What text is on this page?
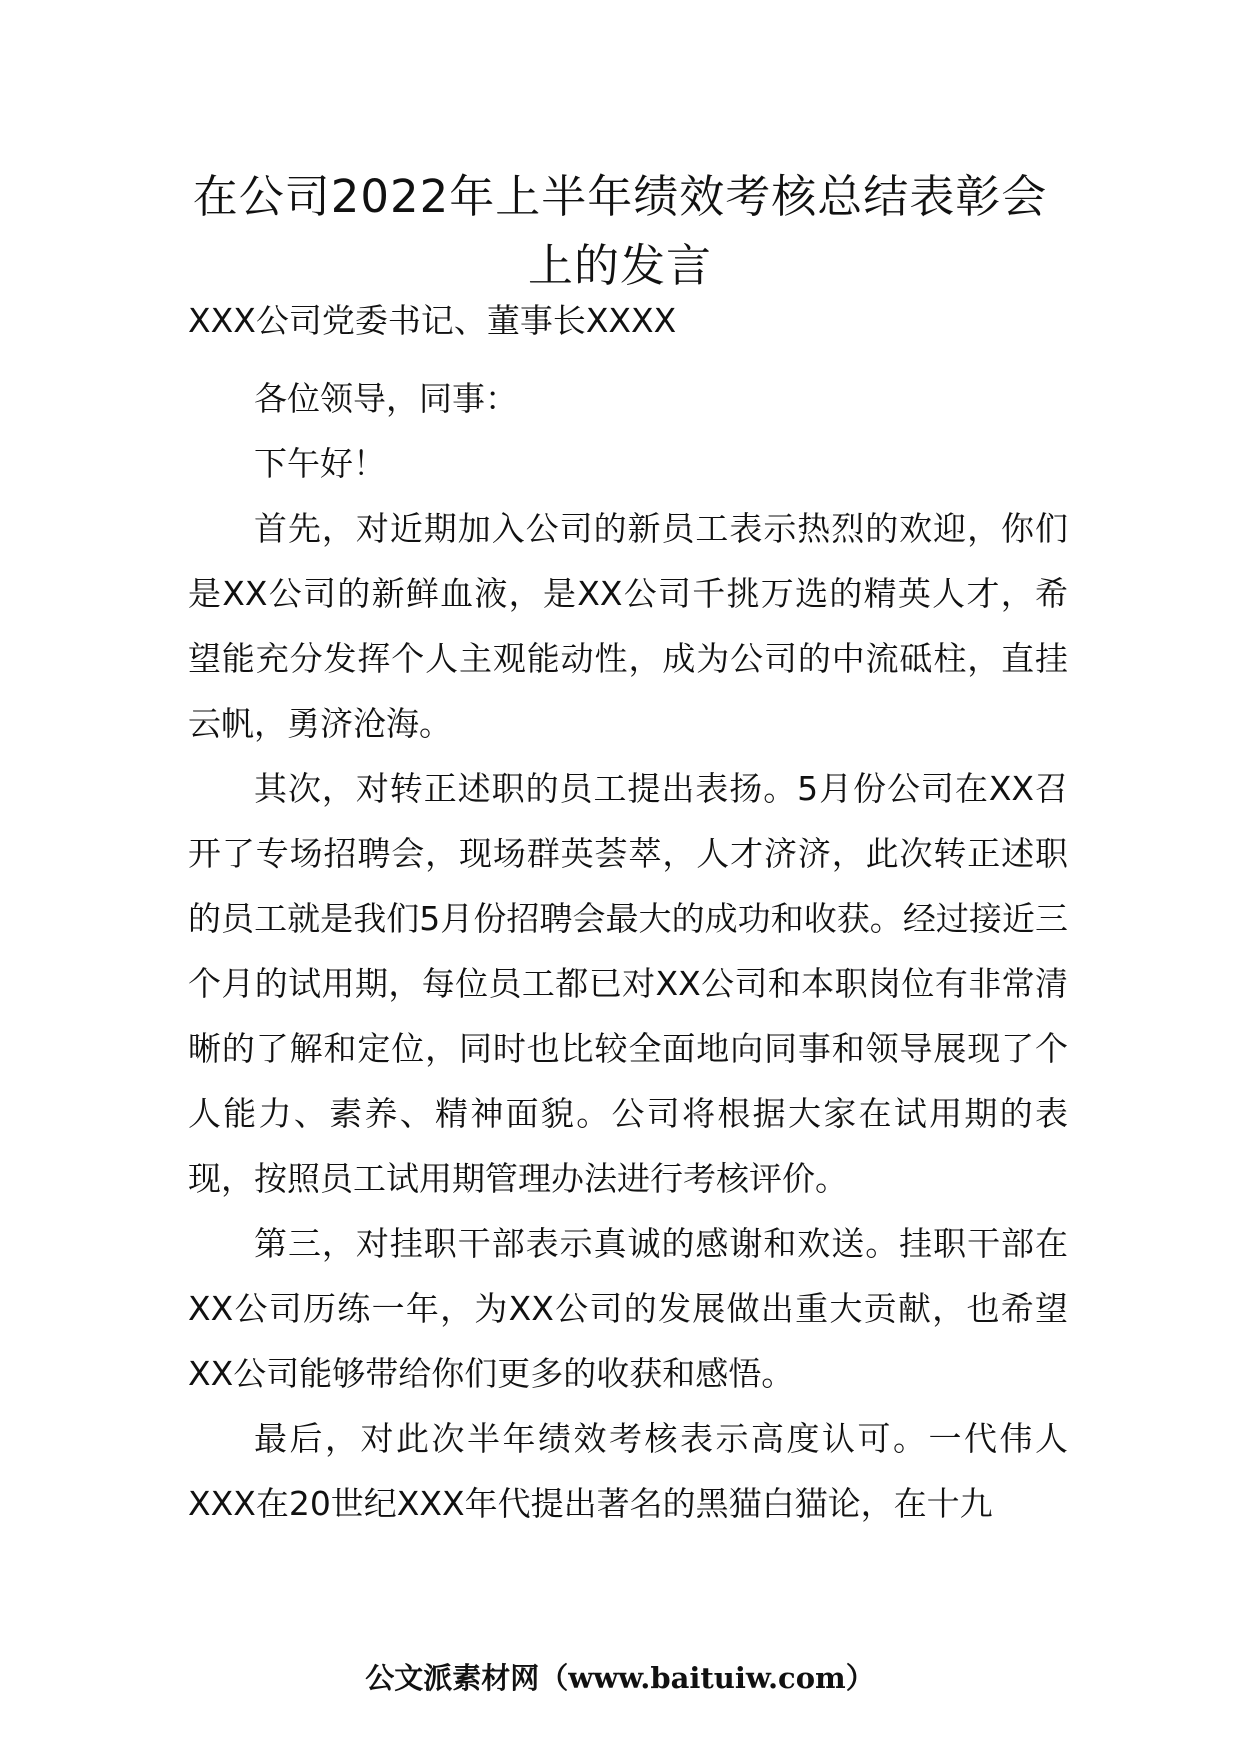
在公司2022年上半年绩效考核总结表彰会
上的发言
XXX公司党委书记、董事长XXXX

各位领导，同事：

下午好！

首先，对近期加入公司的新员工表示热烈的欢迎，你们是XX公司的新鲜血液，是XX公司千挑万选的精英人才，希望能充分发挥个人主观能动性，成为公司的中流砥柱，直挂云帆，勇济沧海。

其次，对转正述职的员工提出表扬。5月份公司在XX召开了专场招聘会，现场群英荟萃，人才济济，此次转正述职的员工就是我们5月份招聘会最大的成功和收获。经过接近三个月的试用期，每位员工都已对XX公司和本职岗位有非常清晰的了解和定位，同时也比较全面地向同事和领导展现了个人能力、素养、精神面貌。公司将根据大家在试用期的表现，按照员工试用期管理办法进行考核评价。

第三，对挂职干部表示真诚的感谢和欢送。挂职干部在XX公司历练一年，为XX公司的发展做出重大贡献，也希望XX公司能够带给你们更多的收获和感悟。

最后，对此次半年绩效考核表示高度认可。一代伟人XXX在20世纪XXX年代提出著名的黑猫白猫论，在十九

公文派素材网（www.baituiw.com）
